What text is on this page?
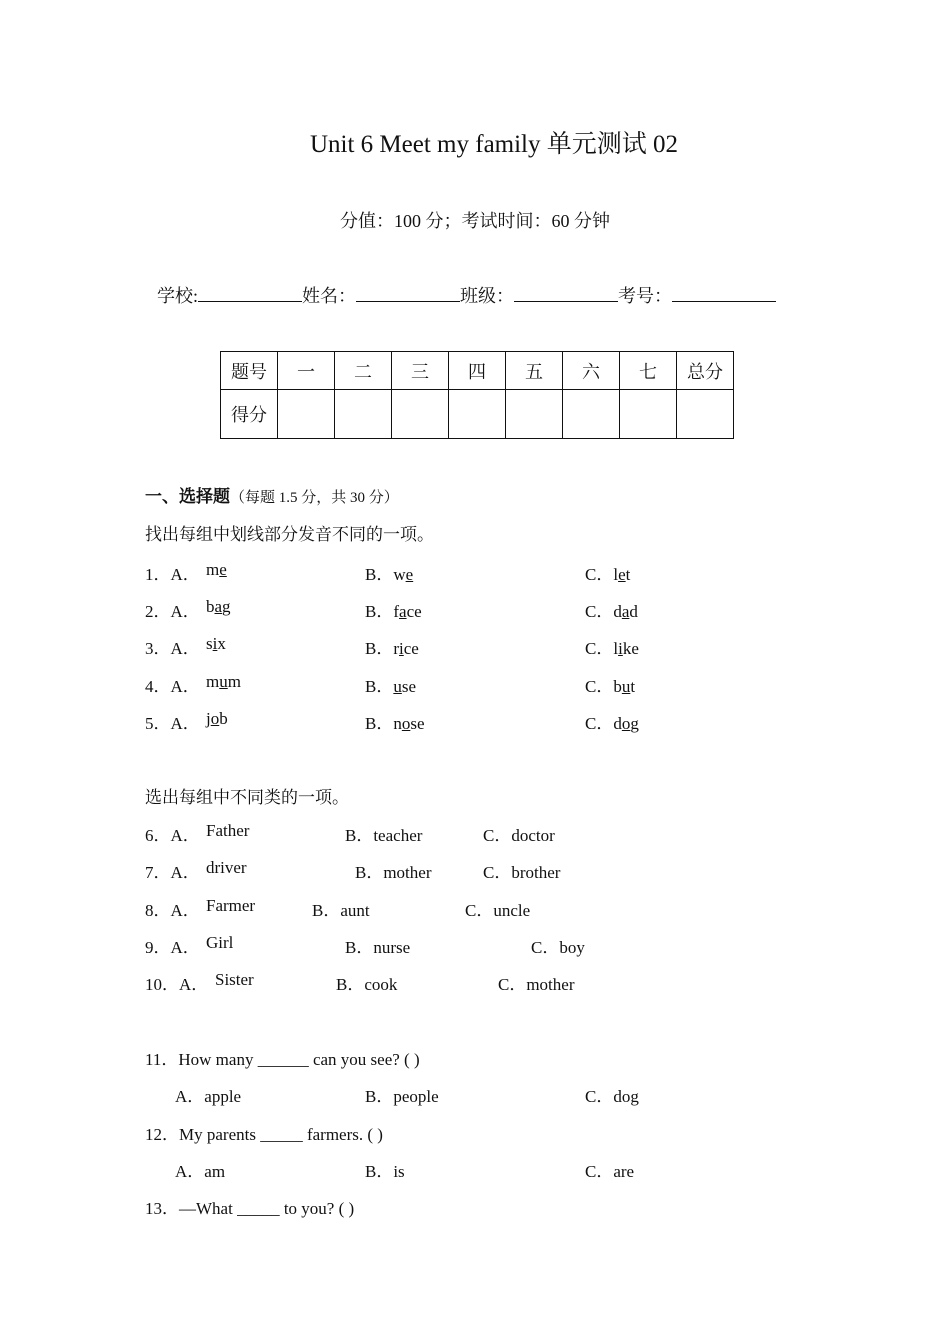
Unit 6 Meet my family 单元测试 02
分值：100 分；考试时间：60 分钟
学校:	姓名：	班级：	考号：
题号	一	二	三	四	五	六	七	总分
得分								
一、选择题（每题 1.5 分，共 30 分）
找出每组中划线部分发音不同的一项。
1．A． me	B．we	C．let
2．A． bag	B．face	C．dad
3．A． six	B．rice	C．like
4．A． mum	B．use	C．but
5．A． job	B．nose	C．dog
选出每组中不同类的一项。
6．A． Father	B．teacher	C．doctor
7．A． driver	B．mother	C．brother
8．A． Farmer	B．aunt	C．uncle
9．A． Girl	B．nurse	C．boy
10．A． Sister	B．cook	C．mother
11．How many ______ can you see? ( )
A．apple	B．people	C．dog
12．My parents _____ farmers. ( )
A．am	B．is	C．are
13．—What _____ to you? ( )
